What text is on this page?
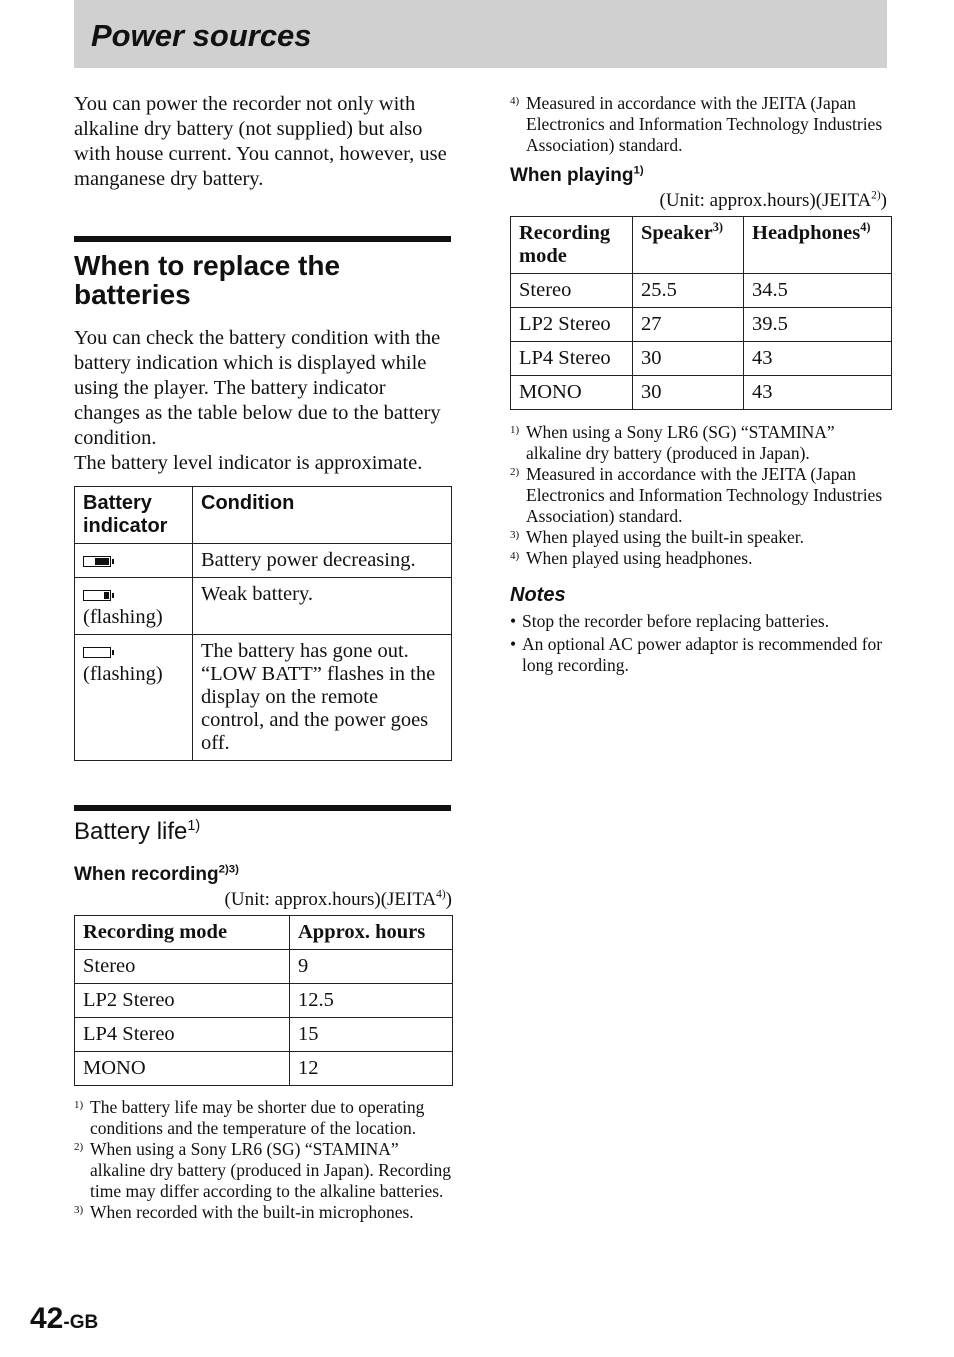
Power sources

You can power the recorder not only with alkaline dry battery (not supplied) but also with house current. You cannot, however, use manganese dry battery.

When to replace the
batteries

You can check the battery condition with the battery indication which is displayed while using the player. The battery indicator changes as the table below due to the battery condition.

The battery level indicator is approximate.

Battery
indicator	Condition

	Battery power decreasing.

(flashing)	Weak battery.

(flashing)	The battery has gone out. “LOW BATT” flashes in the display on the remote control, and the power goes off.
Battery life$^{1)}$
When recording$^{2)3)}$
(Unit: approx.hours)(JEITA$^{4)}$)
Recording mode	Approx. hours
Stereo	9
LP2 Stereo	12.5
LP4 Stereo	15
MONO	12

1) The battery life may be shorter due to operating conditions and the temperature of the location.

2) When using a Sony LR6 (SG) “STAMINA” alkaline dry battery (produced in Japan). Recording time may differ according to the alkaline batteries.

3) When recorded with the built-in microphones.

4) Measured in accordance with the JEITA (Japan Electronics and Information Technology Industries Association) standard.

When playing$^{1)}$
(Unit: approx.hours)(JEITA$^{2)}$)
Recording
mode	Speaker$^{3)}$	Headphones$^{4)}$
Stereo	25.5	34.5
LP2 Stereo	27	39.5
LP4 Stereo	30	43
MONO	30	43

1) When using a Sony LR6 (SG) “STAMINA” alkaline dry battery (produced in Japan).

2) Measured in accordance with the JEITA (Japan Electronics and Information Technology Industries Association) standard.

3) When played using the built-in speaker.

4) When played using headphones.

Notes

• Stop the recorder before replacing batteries.

• An optional AC power adaptor is recommended for long recording.

42-GB
